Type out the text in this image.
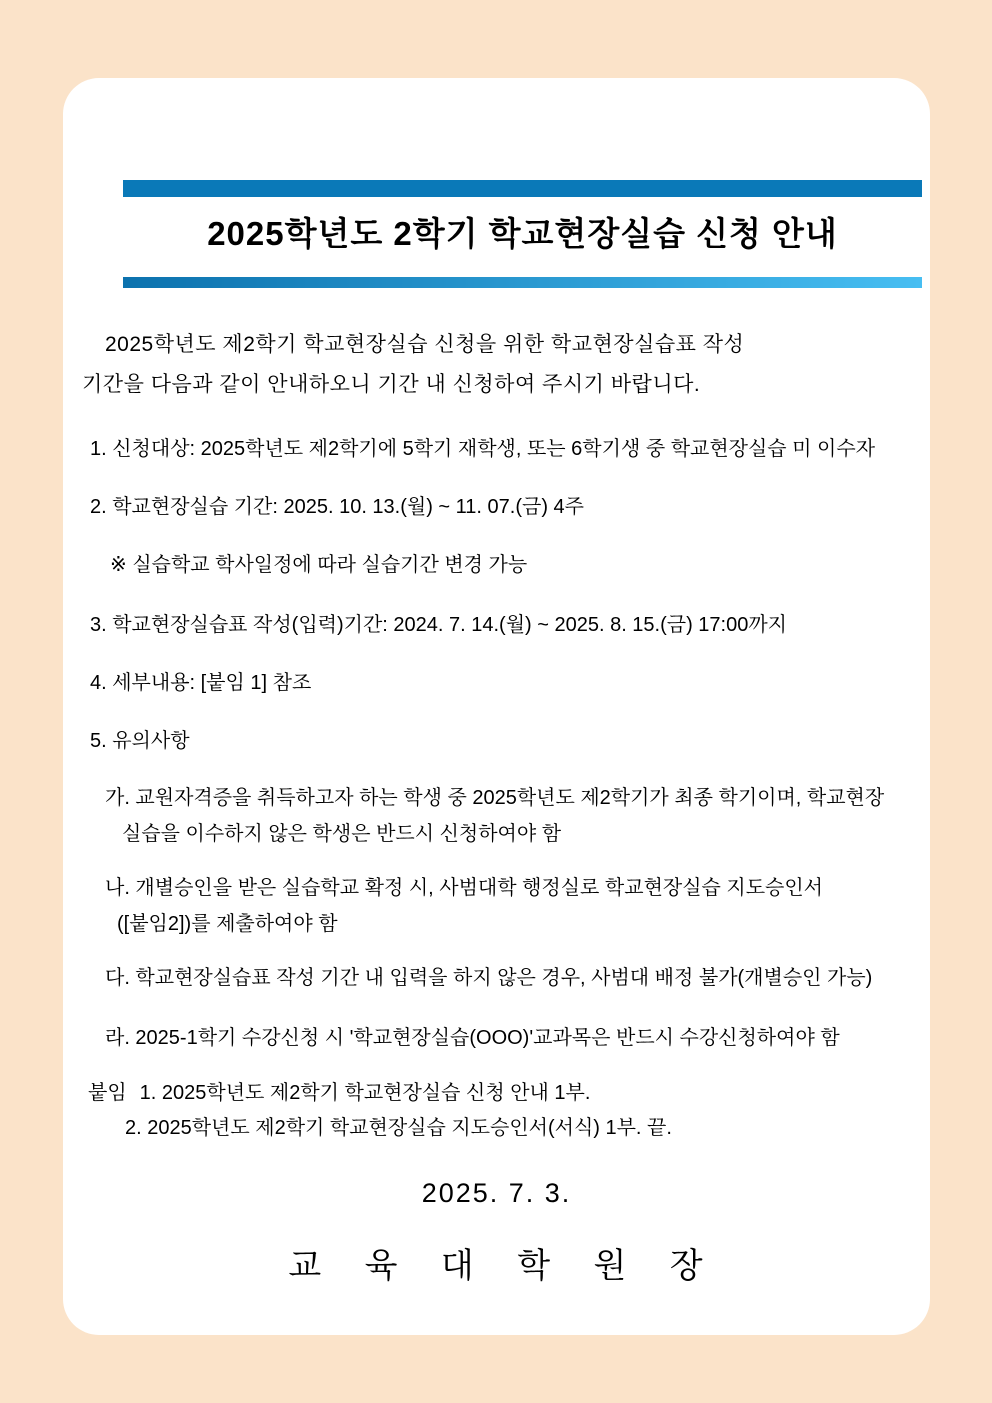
2025학년도 2학기 학교현장실습 신청 안내
2025학년도 제2학기 학교현장실습 신청을 위한 학교현장실습표 작성
기간을 다음과 같이 안내하오니 기간 내 신청하여 주시기 바랍니다.
1. 신청대상: 2025학년도 제2학기에 5학기 재학생, 또는 6학기생 중 학교현장실습 미 이수자
2. 학교현장실습 기간: 2025. 10. 13.(월) ~ 11. 07.(금) 4주
※ 실습학교 학사일정에 따라 실습기간 변경 가능
3. 학교현장실습표 작성(입력)기간: 2024. 7. 14.(월) ~ 2025. 8. 15.(금) 17:00까지
4. 세부내용: [붙임 1] 참조
5. 유의사항
가. 교원자격증을 취득하고자 하는 학생 중 2025학년도 제2학기가 최종 학기이며, 학교현장
실습을 이수하지 않은 학생은 반드시 신청하여야 함
나. 개별승인을 받은 실습학교 확정 시, 사범대학 행정실로 학교현장실습 지도승인서
([붙임2])를 제출하여야 함
다. 학교현장실습표 작성 기간 내 입력을 하지 않은 경우, 사범대 배정 불가(개별승인 가능)
라. 2025-1학기 수강신청 시 '학교현장실습(OOO)'교과목은 반드시 수강신청하여야 함
붙임 1. 2025학년도 제2학기 학교현장실습 신청 안내 1부.
2. 2025학년도 제2학기 학교현장실습 지도승인서(서식) 1부. 끝.
2025. 7. 3.
교 육 대 학 원 장
